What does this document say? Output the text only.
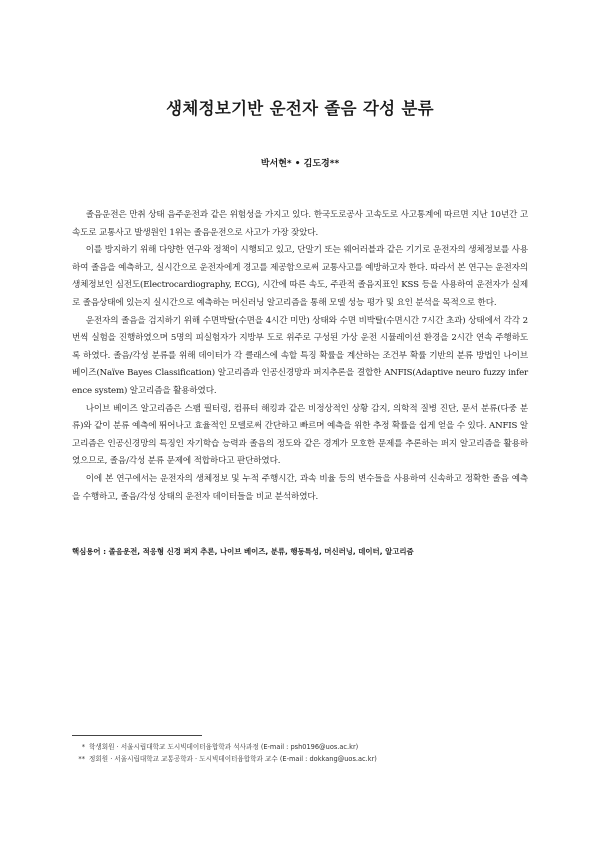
생체정보기반 운전자 졸음 각성 분류
박서현* • 김도경**

졸음운전은 만취 상태 음주운전과 같은 위험성을 가지고 있다. 한국도로공사 고속도로 사고통계에 따르면 지난 10년간 고속도로 교통사고 발생원인 1위는 졸음운전으로 사고가 가장 잦았다.

이를 방지하기 위해 다양한 연구와 정책이 시행되고 있고, 단말기 또는 웨어러블과 같은 기기로 운전자의 생체정보를 사용하여 졸음을 예측하고, 실시간으로 운전자에게 경고를 제공함으로써 교통사고를 예방하고자 한다. 따라서 본 연구는 운전자의 생체정보인 심전도(Electrocardiography, ECG), 시간에 따른 속도, 주관적 졸음지표인 KSS 등을 사용하여 운전자가 실제로 졸음상태에 있는지 실시간으로 예측하는 머신러닝 알고리즘을 통해 모델 성능 평가 및 요인 분석을 목적으로 한다.

운전자의 졸음을 검지하기 위해 수면박탈(수면을 4시간 미만) 상태와 수면 비박탈(수면시간 7시간 초과) 상태에서 각각 2번씩 실험을 진행하였으며 5명의 피실험자가 지방부 도로 위주로 구성된 가상 운전 시뮬레이션 환경을 2시간 연속 주행하도록 하였다. 졸음/각성 분류를 위해 데이터가 각 클래스에 속할 특징 확률을 계산하는 조건부 확률 기반의 분류 방법인 나이브 베이즈(Naïve Bayes Classification) 알고리즘과 인공신경망과 퍼지추론을 결합한 ANFIS(Adaptive neuro fuzzy inference system) 알고리즘을 활용하였다.

나이브 베이즈 알고리즘은 스팸 필터링, 컴퓨터 해킹과 같은 비정상적인 상황 감지, 의학적 질병 진단, 문서 분류(다중 분류)와 같이 분류 예측에 뛰어나고 효율적인 모델로써 간단하고 빠르며 예측을 위한 추정 확률을 쉽게 얻을 수 있다. ANFIS 알고리즘은 인공신경망의 특징인 자기학습 능력과 졸음의 정도와 같은 경계가 모호한 문제를 추론하는 퍼지 알고리즘을 활용하였으므로, 졸음/각성 분류 문제에 적합하다고 판단하였다.

이에 본 연구에서는 운전자의 생체정보 및 누적 주행시간, 과속 비율 등의 변수들을 사용하여 신속하고 정확한 졸음 예측을 수행하고, 졸음/각성 상태의 운전자 데이터들을 비교 분석하였다.

핵심용어 : 졸음운전, 적응형 신경 퍼지 추론, 나이브 베이즈, 분류, 행동특성, 머신러닝, 데이터, 알고리즘
* 학생회원 · 서울시립대학교 도시빅데이터융합학과 석사과정 (E-mail : psh0196@uos.ac.kr)
** 정회원 · 서울시립대학교 교통공학과 · 도시빅데이터융합학과 교수 (E-mail : dokkang@uos.ac.kr)
